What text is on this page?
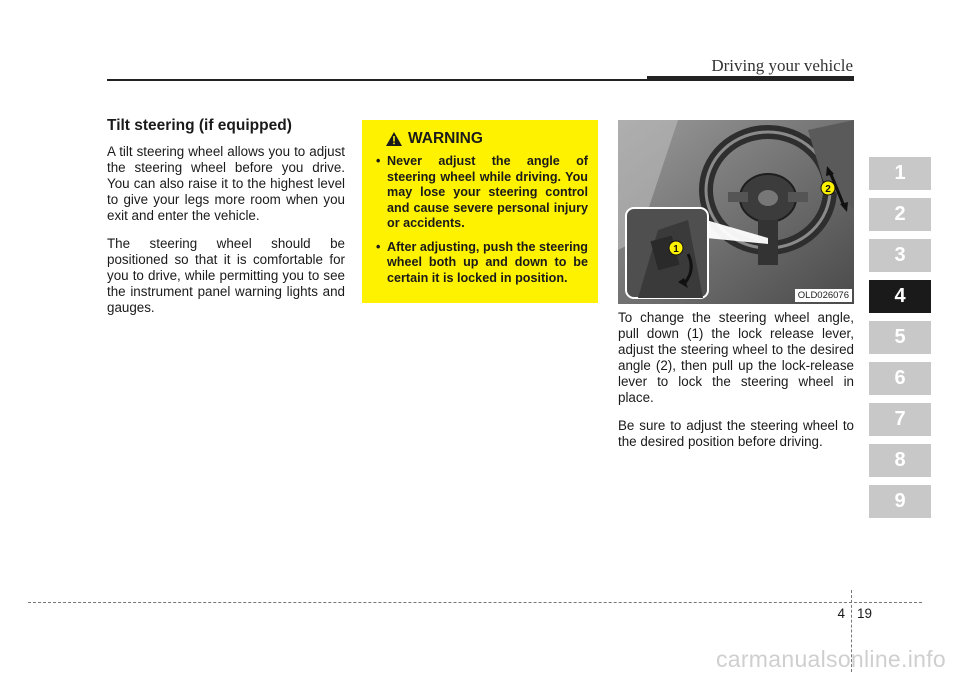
Driving your vehicle
Tilt steering (if equipped)

A tilt steering wheel allows you to adjust the steering wheel before you drive. You can also raise it to the highest level to give your legs more room when you exit and enter the vehicle.

The steering wheel should be positioned so that it is comfortable for you to drive, while permitting you to see the instrument panel warning lights and gauges.

WARNING
• Never adjust the angle of steering wheel while driving. You may lose your steering control and cause severe personal injury or accidents.
• After adjusting, push the steering wheel both up and down to be certain it is locked in position.
2
1
OLD026076

To change the steering wheel angle, pull down (1) the lock release lever, adjust the steering wheel to the desired angle (2), then pull up the lock-release lever to lock the steering wheel in place.

Be sure to adjust the steering wheel to the desired position before driving.

1
2
3
4
5
6
7
8
9
4 19
carmanualsonline.info
